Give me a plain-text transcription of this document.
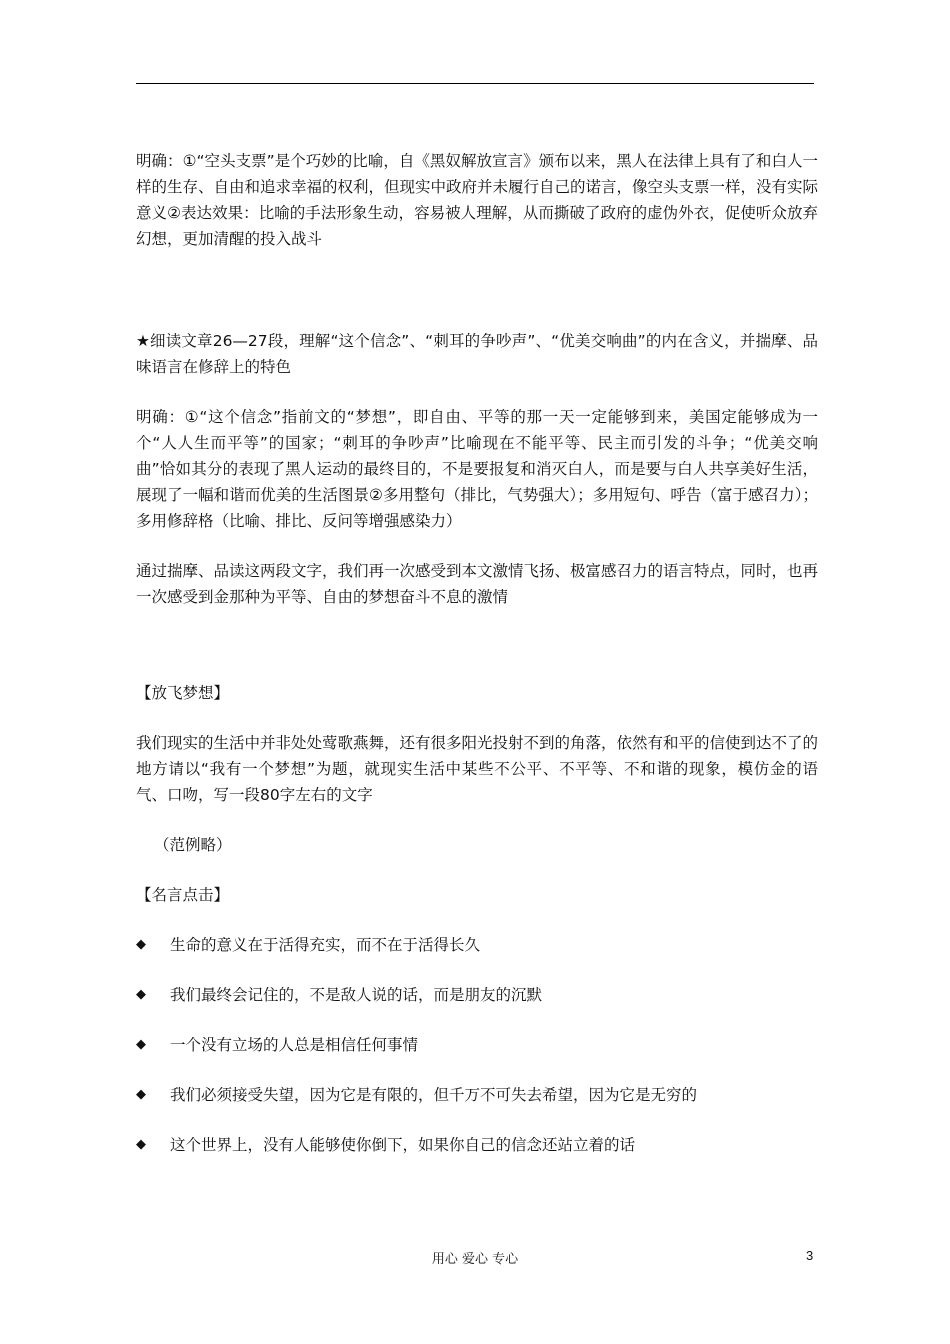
明确：①“空头支票”是个巧妙的比喻，自《黑奴解放宣言》颁布以来，黑人在法律上具有了和白人一样的生存、自由和追求幸福的权利，但现实中政府并未履行自己的诺言，像空头支票一样，没有实际意义②表达效果：比喻的手法形象生动，容易被人理解，从而撕破了政府的虚伪外衣，促使听众放弃幻想，更加清醒的投入战斗

★细读文章26—27段，理解“这个信念”、“刺耳的争吵声”、“优美交响曲”的内在含义，并揣摩、品味语言在修辞上的特色

明确：①“这个信念”指前文的“梦想”，即自由、平等的那一天一定能够到来，美国定能够成为一个“人人生而平等”的国家；“刺耳的争吵声”比喻现在不能平等、民主而引发的斗争；“优美交响曲”恰如其分的表现了黑人运动的最终目的，不是要报复和消灭白人，而是要与白人共享美好生活，展现了一幅和谐而优美的生活图景②多用整句（排比，气势强大）；多用短句、呼告（富于感召力）；多用修辞格（比喻、排比、反问等增强感染力）

通过揣摩、品读这两段文字，我们再一次感受到本文激情飞扬、极富感召力的语言特点，同时，也再一次感受到金那种为平等、自由的梦想奋斗不息的激情

【放飞梦想】

我们现实的生活中并非处处莺歌燕舞，还有很多阳光投射不到的角落，依然有和平的信使到达不了的地方请以“我有一个梦想”为题，就现实生活中某些不公平、不平等、不和谐的现象，模仿金的语气、口吻，写一段80字左右的文字

（范例略）

【名言点击】

◆	生命的意义在于活得充实，而不在于活得长久
◆	我们最终会记住的，不是敌人说的话，而是朋友的沉默
◆	一个没有立场的人总是相信任何事情
◆	我们必须接受失望，因为它是有限的，但千万不可失去希望，因为它是无穷的
◆	这个世界上，没有人能够使你倒下，如果你自己的信念还站立着的话
用心 爱心 专心	3
